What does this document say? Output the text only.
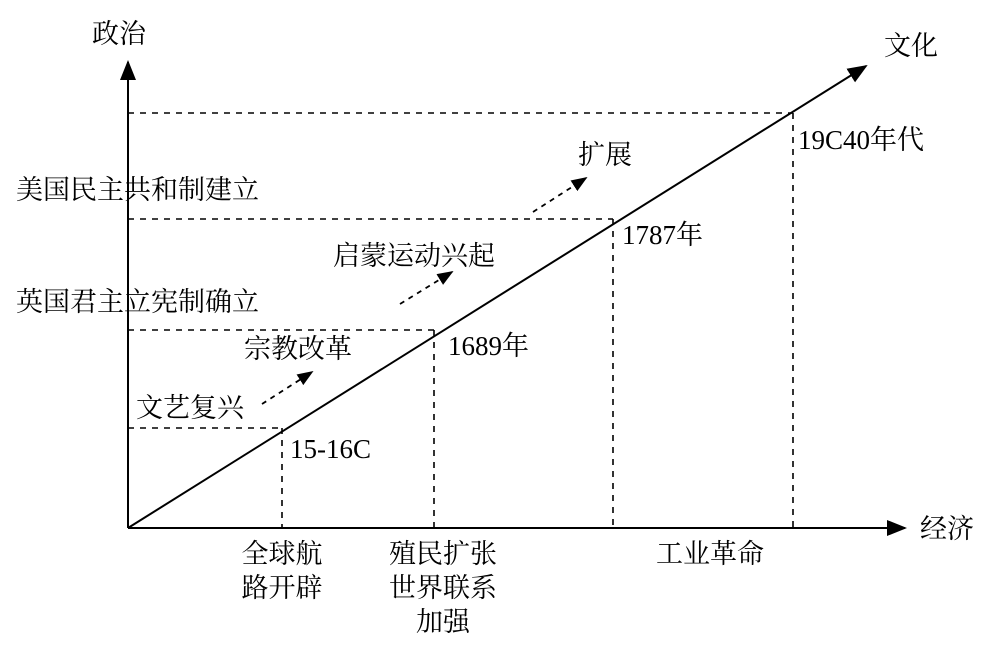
政治
经济
文化
美国民主共和制建立
英国君主立宪制确立
文艺复兴
宗教改革
启蒙运动兴起
扩展
15-16C
1689年
1787年
19C40年代
全球航
路开辟
殖民扩张
世界联系
加强
工业革命
